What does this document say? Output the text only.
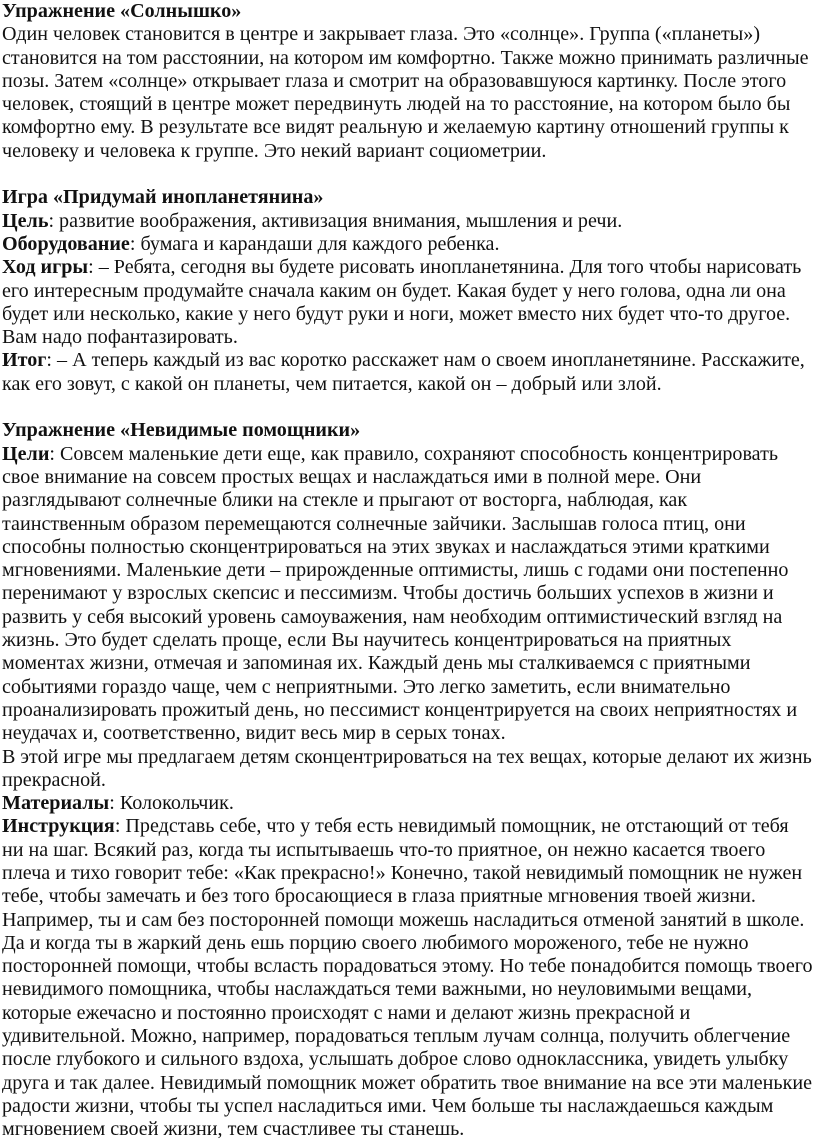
Упражнение «Солнышко»

Один человек становится в центре и закрывает глаза. Это «солнце». Группа («планеты») становится на том расстоянии, на котором им комфортно. Также можно принимать различные позы. Затем «солнце» открывает глаза и смотрит на образовавшуюся картинку. После этого человек, стоящий в центре может передвинуть людей на то расстояние, на котором было бы комфортно ему. В результате все видят реальную и желаемую картину отношений группы к человеку и человека к группе. Это некий вариант социометрии.

Игра «Придумай инопланетянина»

Цель: развитие воображения, активизация внимания, мышления и речи.

Оборудование: бумага и карандаши для каждого ребенка.

Ход игры: – Ребята, сегодня вы будете рисовать инопланетянина. Для того чтобы нарисовать его интересным продумайте сначала каким он будет. Какая будет у него голова, одна ли она будет или несколько, какие у него будут руки и ноги, может вместо них будет что-то другое. Вам надо пофантазировать.

Итог: – А теперь каждый из вас коротко расскажет нам о своем инопланетянине. Расскажите, как его зовут, с какой он планеты, чем питается, какой он – добрый или злой.

Упражнение «Невидимые помощники»

Цели: Совсем маленькие дети еще, как правило, сохраняют способность концентрировать свое внимание на совсем простых вещах и наслаждаться ими в полной мере. Они разглядывают солнечные блики на стекле и прыгают от восторга, наблюдая, как таинственным образом перемещаются солнечные зайчики. Заслышав голоса птиц, они способны полностью сконцентрироваться на этих звуках и наслаждаться этими краткими мгновениями. Маленькие дети – прирожденные оптимисты, лишь с годами они постепенно перенимают у взрослых скепсис и пессимизм. Чтобы достичь больших успехов в жизни и развить у себя высокий уровень самоуважения, нам необходим оптимистический взгляд на жизнь. Это будет сделать проще, если Вы научитесь концентрироваться на приятных моментах жизни, отмечая и запоминая их. Каждый день мы сталкиваемся с приятными событиями гораздо чаще, чем с неприятными. Это легко заметить, если внимательно проанализировать прожитый день, но пессимист концентрируется на своих неприятностях и неудачах и, соответственно, видит весь мир в серых тонах.

В этой игре мы предлагаем детям сконцентрироваться на тех вещах, которые делают их жизнь прекрасной.

Материалы: Колокольчик.

Инструкция: Представь себе, что у тебя есть невидимый помощник, не отстающий от тебя ни на шаг. Всякий раз, когда ты испытываешь что-то приятное, он нежно касается твоего плеча и тихо говорит тебе: «Как прекрасно!» Конечно, такой невидимый помощник не нужен тебе, чтобы замечать и без того бросающиеся в глаза приятные мгновения твоей жизни. Например, ты и сам без посторонней помощи можешь насладиться отменой занятий в школе. Да и когда ты в жаркий день ешь порцию своего любимого мороженого, тебе не нужно посторонней помощи, чтобы всласть порадоваться этому. Но тебе понадобится помощь твоего невидимого помощника, чтобы наслаждаться теми важными, но неуловимыми вещами, которые ежечасно и постоянно происходят с нами и делают жизнь прекрасной и удивительной. Можно, например, порадоваться теплым лучам солнца, получить облегчение после глубокого и сильного вздоха, услышать доброе слово одноклассника, увидеть улыбку друга и так далее. Невидимый помощник может обратить твое внимание на все эти маленькие радости жизни, чтобы ты успел насладиться ими. Чем больше ты наслаждаешься каждым мгновением своей жизни, тем счастливее ты станешь.
